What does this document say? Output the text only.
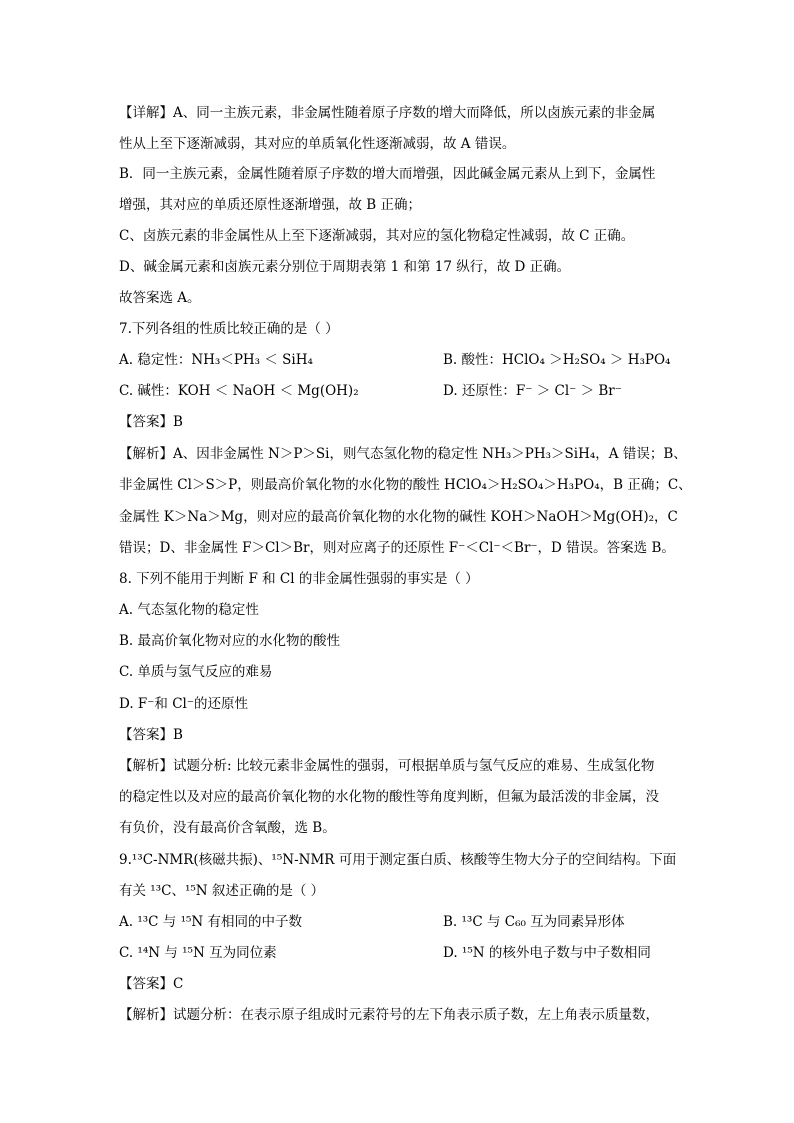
【详解】A、同一主族元素，非金属性随着原子序数的增大而降低，所以卤族元素的非金属
性从上至下逐渐减弱，其对应的单质氧化性逐渐减弱，故 A 错误。
B．同一主族元素，金属性随着原子序数的增大而增强，因此碱金属元素从上到下，金属性
增强，其对应的单质还原性逐渐增强，故 B 正确；
C、卤族元素的非金属性从上至下逐渐减弱，其对应的氢化物稳定性减弱，故 C 正确。
D、碱金属元素和卤族元素分别位于周期表第 1 和第 17 纵行，故 D 正确。
故答案选 A。
7.下列各组的性质比较正确的是（ ）
A. 稳定性：NH₃＜PH₃ ＜ SiH₄	B. 酸性：HClO₄ ＞H₂SO₄ ＞ H₃PO₄
C. 碱性：KOH ＜ NaOH ＜ Mg(OH)₂	D. 还原性：F⁻ ＞ Cl⁻ ＞ Br⁻
【答案】B
【解析】A、因非金属性 N＞P＞Si，则气态氢化物的稳定性 NH₃＞PH₃＞SiH₄，A 错误；B、
非金属性 Cl＞S＞P，则最高价氧化物的水化物的酸性 HClO₄＞H₂SO₄＞H₃PO₄，B 正确；C、
金属性 K＞Na＞Mg，则对应的最高价氧化物的水化物的碱性 KOH＞NaOH＞Mg(OH)₂，C
错误；D、非金属性 F＞Cl＞Br，则对应离子的还原性 F⁻＜Cl⁻＜Br⁻，D 错误。答案选 B。
8. 下列不能用于判断 F 和 Cl 的非金属性强弱的事实是（ ）
A. 气态氢化物的稳定性
B. 最高价氧化物对应的水化物的酸性
C. 单质与氢气反应的难易
D. F⁻和 Cl⁻的还原性
【答案】B
【解析】试题分析: 比较元素非金属性的强弱，可根据单质与氢气反应的难易、生成氢化物
的稳定性以及对应的最高价氧化物的水化物的酸性等角度判断，但氟为最活泼的非金属，没
有负价，没有最高价含氧酸，选 B。
9.¹³C-NMR(核磁共振)、¹⁵N-NMR 可用于测定蛋白质、核酸等生物大分子的空间结构。下面
有关 ¹³C、¹⁵N 叙述正确的是（ ）
A. ¹³C 与 ¹⁵N 有相同的中子数	B. ¹³C 与 C₆₀ 互为同素异形体
C. ¹⁴N 与 ¹⁵N 互为同位素	D. ¹⁵N 的核外电子数与中子数相同
【答案】C
【解析】试题分析：在表示原子组成时元素符号的左下角表示质子数，左上角表示质量数，
